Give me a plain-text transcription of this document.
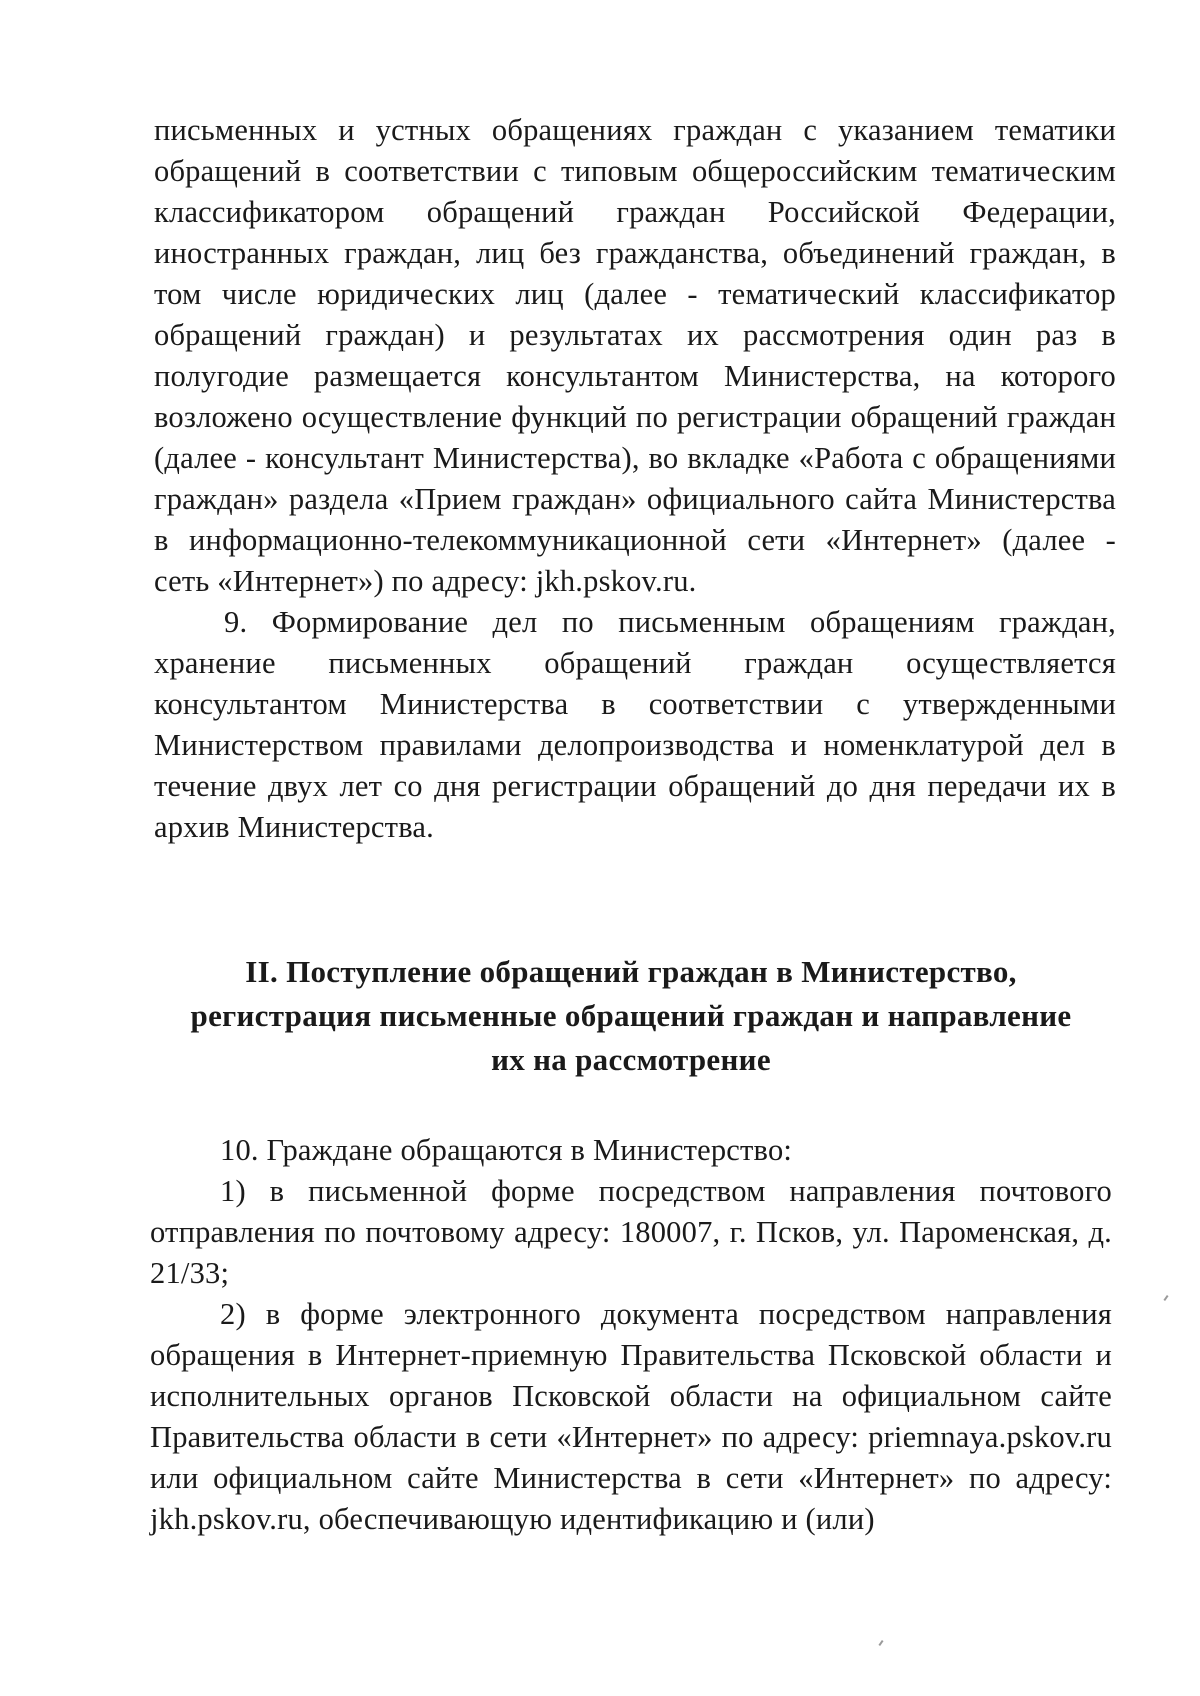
письменных и устных обращениях граждан с указанием тематики обращений в соответствии с типовым общероссийским тематическим классификатором обращений граждан Российской Федерации, иностранных граждан, лиц без гражданства, объединений граждан, в том числе юридических лиц (далее - тематический классификатор обращений граждан) и результатах их рассмотрения один раз в полугодие размещается консультантом Министерства, на которого возложено осуществление функций по регистрации обращений граждан (далее - консультант Министерства), во вкладке «Работа с обращениями граждан» раздела «Прием граждан» официального сайта Министерства в информационно-телекоммуникационной сети «Интернет» (далее - сеть «Интернет») по адресу: jkh.pskov.ru.

9. Формирование дел по письменным обращениям граждан, хранение письменных обращений граждан осуществляется консультантом Министерства в соответствии с утвержденными Министерством правилами делопроизводства и номенклатурой дел в течение двух лет со дня регистрации обращений до дня передачи их в архив Министерства.

II. Поступление обращений граждан в Министерство,
регистрация письменные обращений граждан и направление
их на рассмотрение

10. Граждане обращаются в Министерство:

1) в письменной форме посредством направления почтового отправления по почтовому адресу: 180007, г. Псков, ул. Пароменская, д. 21/33;

2) в форме электронного документа посредством направления обращения в Интернет-приемную Правительства Псковской области и исполнительных органов Псковской области на официальном сайте Правительства области в сети «Интернет» по адресу: priemnaya.pskov.ru или официальном сайте Министерства в сети «Интернет» по адресу: jkh.pskov.ru, обеспечивающую идентификацию и (или)
